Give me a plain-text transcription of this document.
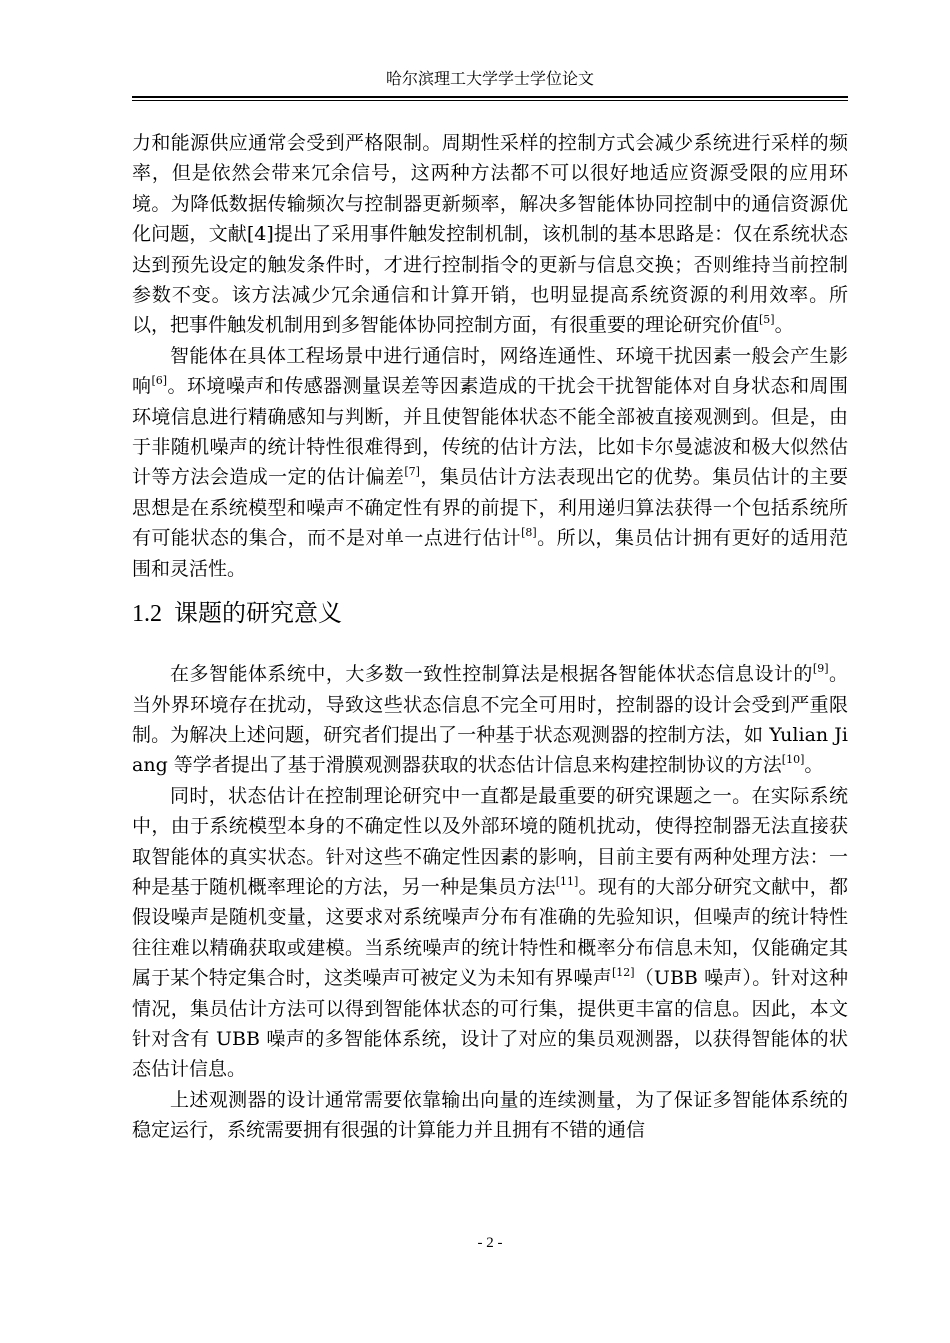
哈尔滨理工大学学士学位论文

力和能源供应通常会受到严格限制。周期性采样的控制方式会减少系统进行采样的频率，但是依然会带来冗余信号，这两种方法都不可以很好地适应资源受限的应用环境。为降低数据传输频次与控制器更新频率，解决多智能体协同控制中的通信资源优化问题，文献[4]提出了采用事件触发控制机制，该机制的基本思路是：仅在系统状态达到预先设定的触发条件时，才进行控制指令的更新与信息交换；否则维持当前控制参数不变。该方法减少冗余通信和计算开销，也明显提高系统资源的利用效率。所以，把事件触发机制用到多智能体协同控制方面，有很重要的理论研究价值[5]。

智能体在具体工程场景中进行通信时，网络连通性、环境干扰因素一般会产生影响[6]。环境噪声和传感器测量误差等因素造成的干扰会干扰智能体对自身状态和周围环境信息进行精确感知与判断，并且使智能体状态不能全部被直接观测到。但是，由于非随机噪声的统计特性很难得到，传统的估计方法，比如卡尔曼滤波和极大似然估计等方法会造成一定的估计偏差[7]，集员估计方法表现出它的优势。集员估计的主要思想是在系统模型和噪声不确定性有界的前提下，利用递归算法获得一个包括系统所有可能状态的集合，而不是对单一点进行估计[8]。所以，集员估计拥有更好的适用范围和灵活性。

1.2 课题的研究意义

在多智能体系统中，大多数一致性控制算法是根据各智能体状态信息设计的[9]。当外界环境存在扰动，导致这些状态信息不完全可用时，控制器的设计会受到严重限制。为解决上述问题，研究者们提出了一种基于状态观测器的控制方法，如 Yulian Jiang 等学者提出了基于滑膜观测器获取的状态估计信息来构建控制协议的方法[10]。

同时，状态估计在控制理论研究中一直都是最重要的研究课题之一。在实际系统中，由于系统模型本身的不确定性以及外部环境的随机扰动，使得控制器无法直接获取智能体的真实状态。针对这些不确定性因素的影响，目前主要有两种处理方法：一种是基于随机概率理论的方法，另一种是集员方法[11]。现有的大部分研究文献中，都假设噪声是随机变量，这要求对系统噪声分布有准确的先验知识，但噪声的统计特性往往难以精确获取或建模。当系统噪声的统计特性和概率分布信息未知，仅能确定其属于某个特定集合时，这类噪声可被定义为未知有界噪声[12]（UBB 噪声）。针对这种情况，集员估计方法可以得到智能体状态的可行集，提供更丰富的信息。因此，本文针对含有 UBB 噪声的多智能体系统，设计了对应的集员观测器，以获得智能体的状态估计信息。

上述观测器的设计通常需要依靠输出向量的连续测量，为了保证多智能体系统的稳定运行，系统需要拥有很强的计算能力并且拥有不错的通信

- 2 -
